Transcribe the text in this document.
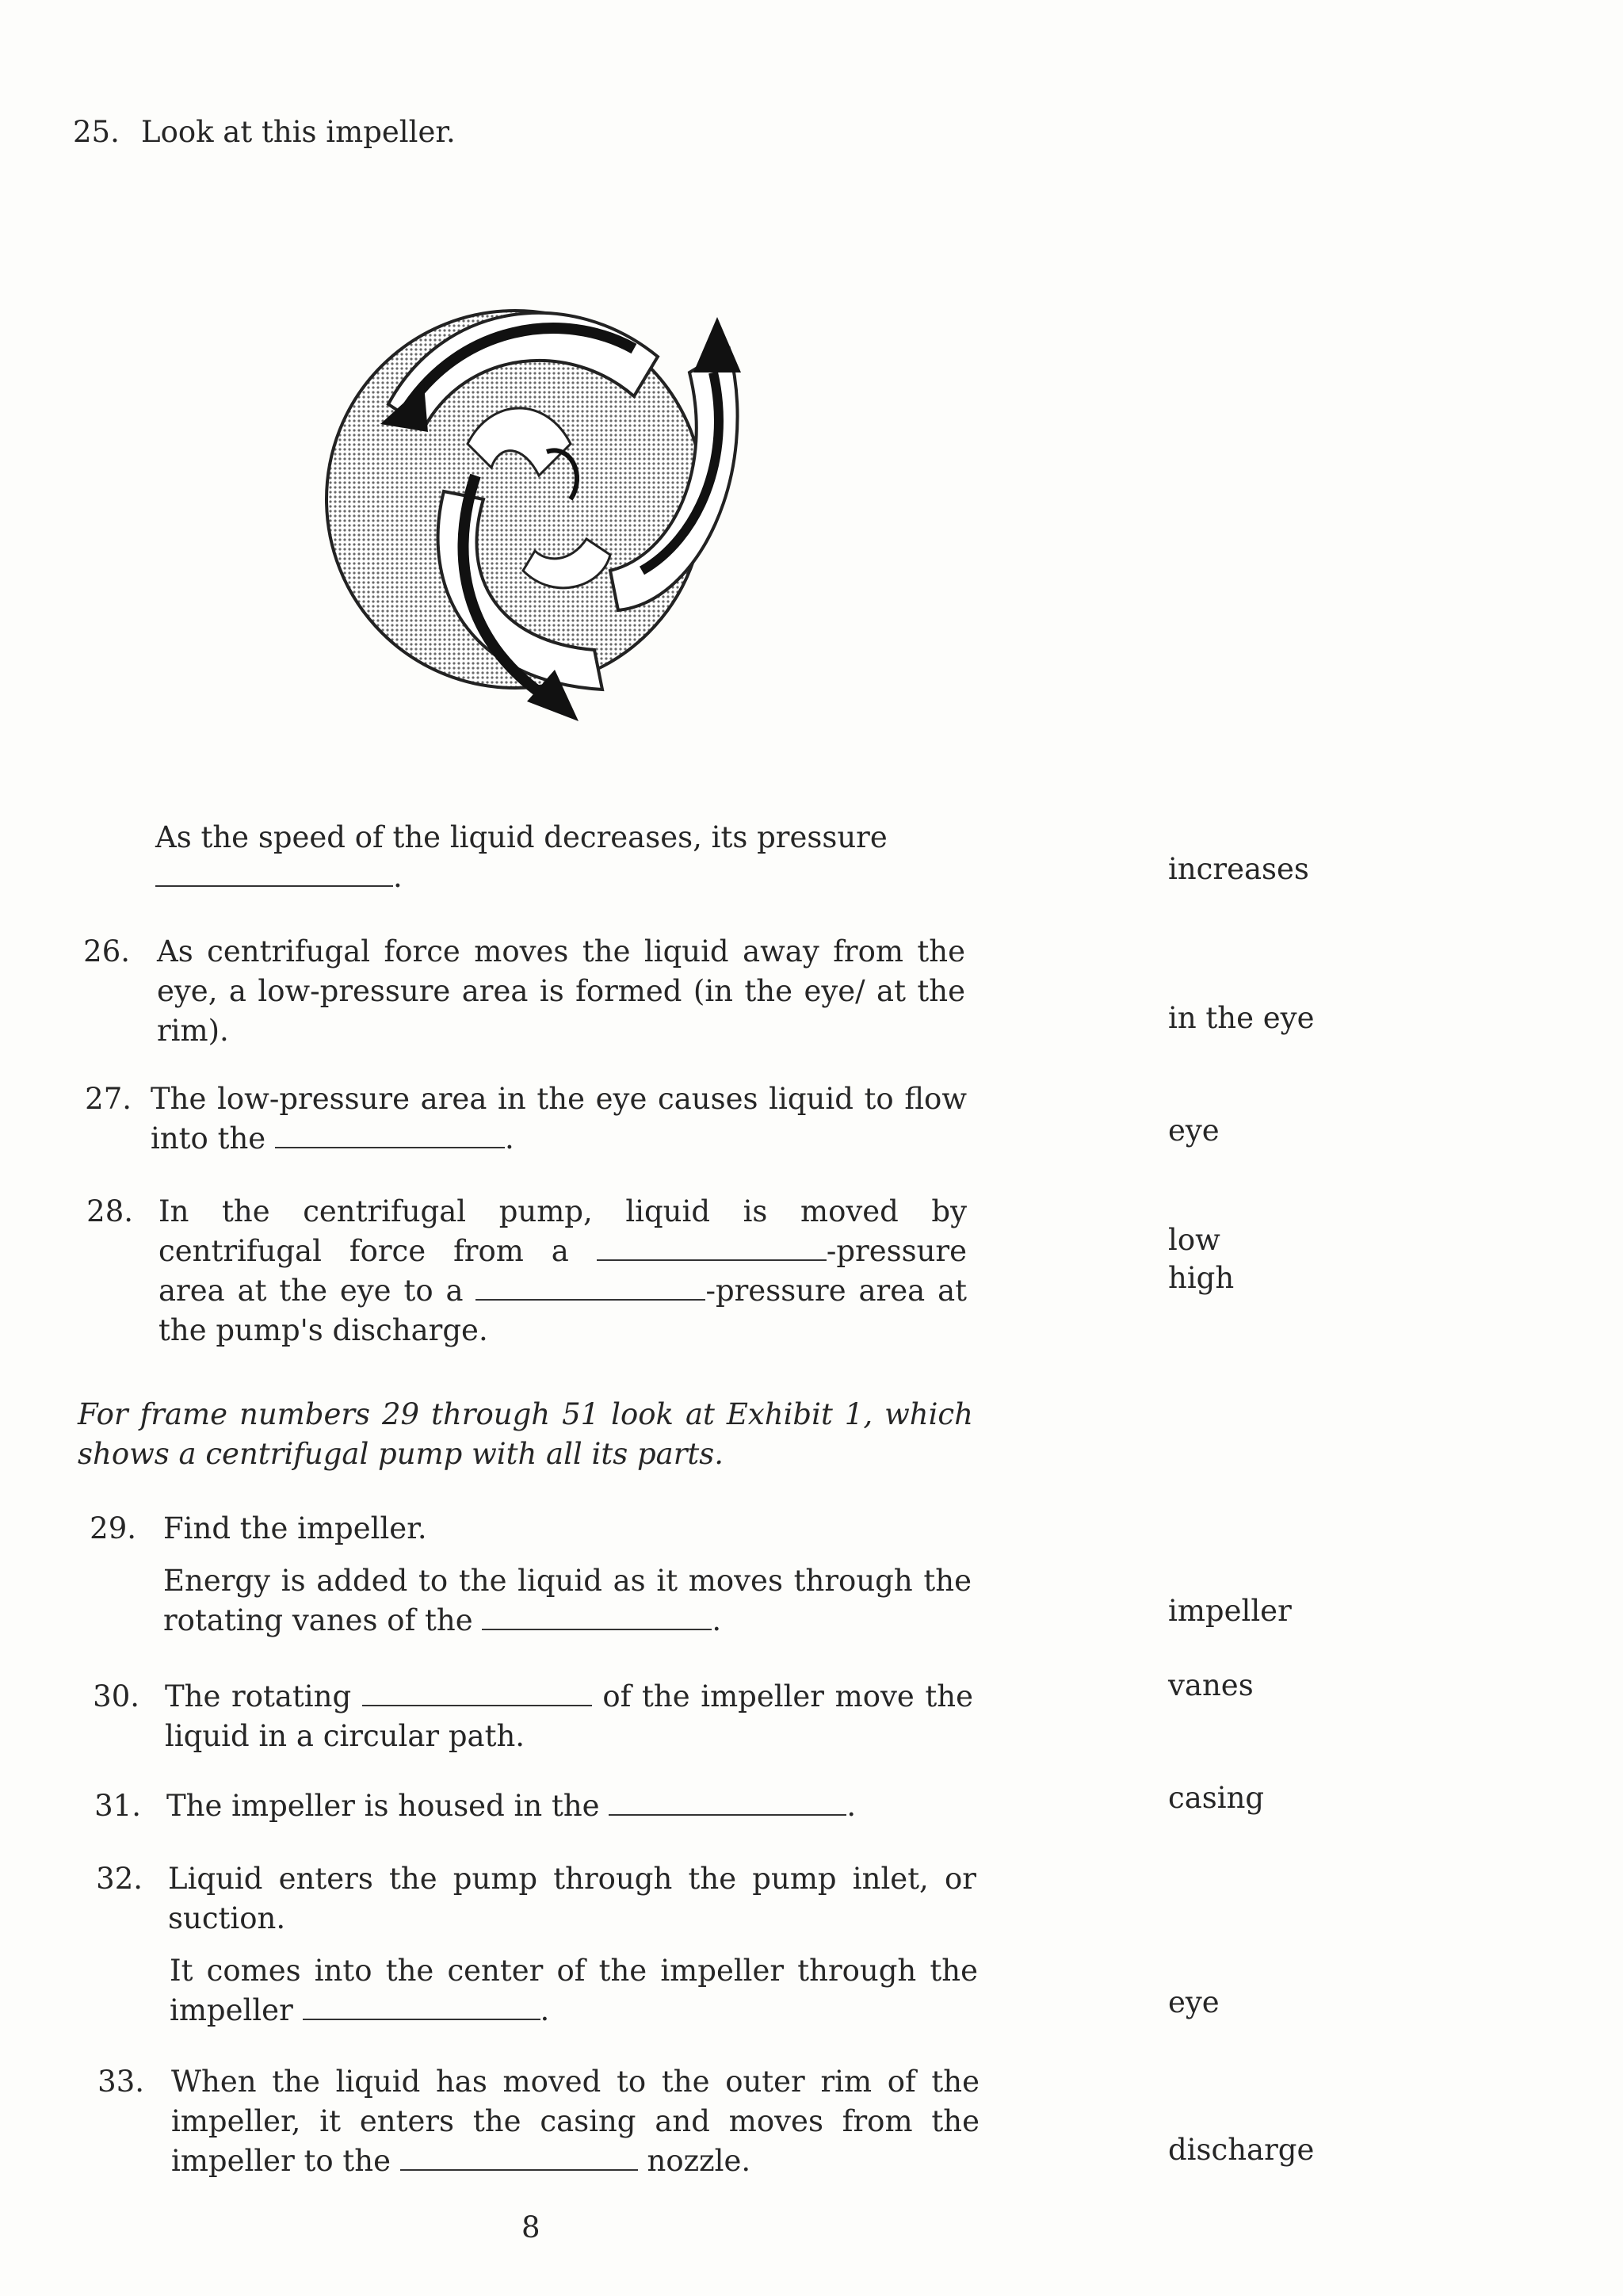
25. Look at this impeller.
As the speed of the liquid decreases, its pressure
.	increases
26. As centrifugal force moves the liquid away from the eye, a low-pressure area is formed (in the eye/ at the rim).	in the eye
27. The low-pressure area in the eye causes liquid to flow into the	.	eye
28. In the centrifugal pump, liquid is moved by centrifugal force from a	-pressure area at the eye to a	-pressure area at the pump's discharge.
low
high
For frame numbers 29 through 51 look at Exhibit 1, which shows a centrifugal pump with all its parts.
29. Find the impeller.
Energy is added to the liquid as it moves through the rotating vanes of the	.	impeller
30. The rotating	of the impeller move the liquid in a circular path.
vanes
31. The impeller is housed in the	.	casing
32. Liquid enters the pump through the pump inlet, or suction.
It comes into the center of the impeller through the impeller	.	eye
33. When the liquid has moved to the outer rim of the impeller, it enters the casing and moves from the impeller to the	nozzle.	discharge
8
